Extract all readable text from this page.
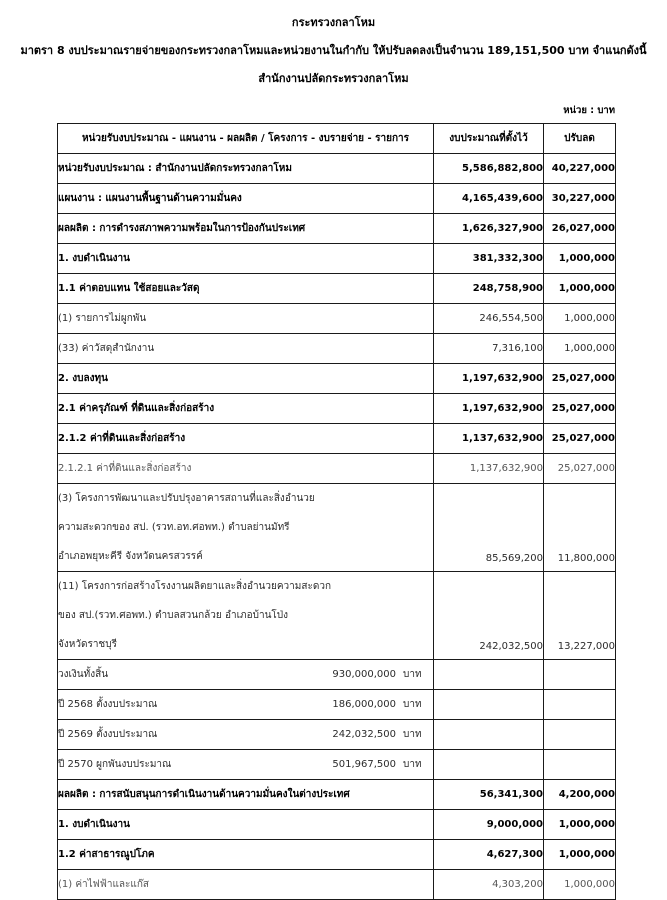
กระทรวงกลาโหม

มาตรา 8 งบประมาณรายจ่ายของกระทรวงกลาโหมและหน่วยงานในกำกับ ให้ปรับลดลงเป็นจำนวน 189,151,500 บาท จำแนกดังนี้

สำนักงานปลัดกระทรวงกลาโหม

หน่วย : บาท
หน่วยรับงบประมาณ - แผนงาน - ผลผลิต / โครงการ - งบรายจ่าย - รายการ	งบประมาณที่ตั้งไว้	ปรับลด
หน่วยรับงบประมาณ : สำนักงานปลัดกระทรวงกลาโหม	5,586,882,800	40,227,000
แผนงาน : แผนงานพื้นฐานด้านความมั่นคง	4,165,439,600	30,227,000
ผลผลิต : การดำรงสภาพความพร้อมในการป้องกันประเทศ	1,626,327,900	26,027,000
1. งบดำเนินงาน	381,332,300	1,000,000
1.1 ค่าตอบแทน ใช้สอยและวัสดุ	248,758,900	1,000,000
(1) รายการไม่ผูกพัน	246,554,500	1,000,000
(33) ค่าวัสดุสำนักงาน	7,316,100	1,000,000
2. งบลงทุน	1,197,632,900	25,027,000
2.1 ค่าครุภัณฑ์ ที่ดินและสิ่งก่อสร้าง	1,197,632,900	25,027,000
2.1.2 ค่าที่ดินและสิ่งก่อสร้าง	1,137,632,900	25,027,000
2.1.2.1 ค่าที่ดินและสิ่งก่อสร้าง	1,137,632,900	25,027,000

(3) โครงการพัฒนาและปรับปรุงอาคารสถานที่และสิ่งอำนวย
ความสะดวกของ สป. (รวท.อท.ศอพท.) ตำบลย่านมัทรี
อำเภอพยุหะคีรี จังหวัดนครสวรรค์	85,569,200	11,800,000

(11) โครงการก่อสร้างโรงงานผลิตยาและสิ่งอำนวยความสะดวก
ของ สป.(รวท.ศอพท.) ตำบลสวนกล้วย อำเภอบ้านโป่ง
จังหวัดราชบุรี	242,032,500	13,227,000

วงเงินทั้งสิ้น 930,000,000 บาท		

ปี 2568 ตั้งงบประมาณ 186,000,000 บาท		

ปี 2569 ตั้งงบประมาณ 242,032,500 บาท		

ปี 2570 ผูกพันงบประมาณ 501,967,500 บาท		

ผลผลิต : การสนับสนุนการดำเนินงานด้านความมั่นคงในต่างประเทศ	56,341,300	4,200,000
1. งบดำเนินงาน	9,000,000	1,000,000
1.2 ค่าสาธารณูปโภค	4,627,300	1,000,000
(1) ค่าไฟฟ้าและแก๊ส	4,303,200	1,000,000
